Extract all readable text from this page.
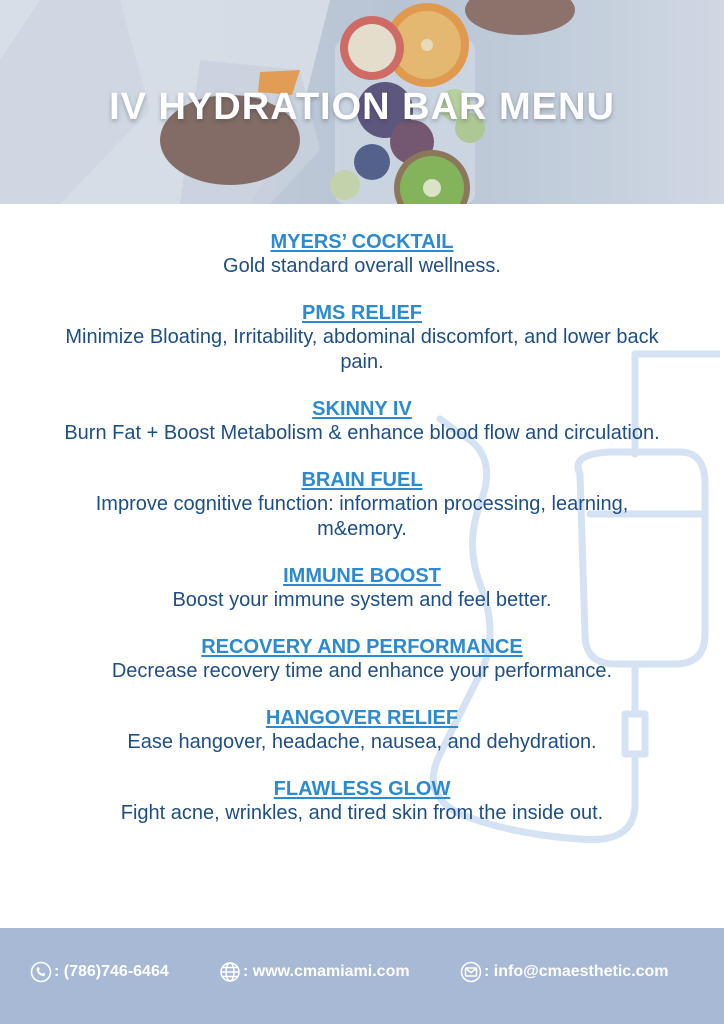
IV HYDRATION BAR MENU
MYERS’ COCKTAIL
Gold standard overall wellness.
PMS RELIEF
Minimize Bloating, Irritability, abdominal discomfort, and lower back pain.
SKINNY IV
Burn Fat + Boost Metabolism & enhance blood flow and circulation.
BRAIN FUEL
Improve cognitive function: information processing, learning, m&emory.
IMMUNE BOOST
Boost your immune system and feel better.
RECOVERY AND PERFORMANCE
Decrease recovery time and enhance your performance.
HANGOVER RELIEF
Ease hangover, headache, nausea, and dehydration.
FLAWLESS GLOW
Fight acne, wrinkles, and tired skin from the inside out.
: (786)746-6464	: www.cmamiami.com	: info@cmaesthetic.com
